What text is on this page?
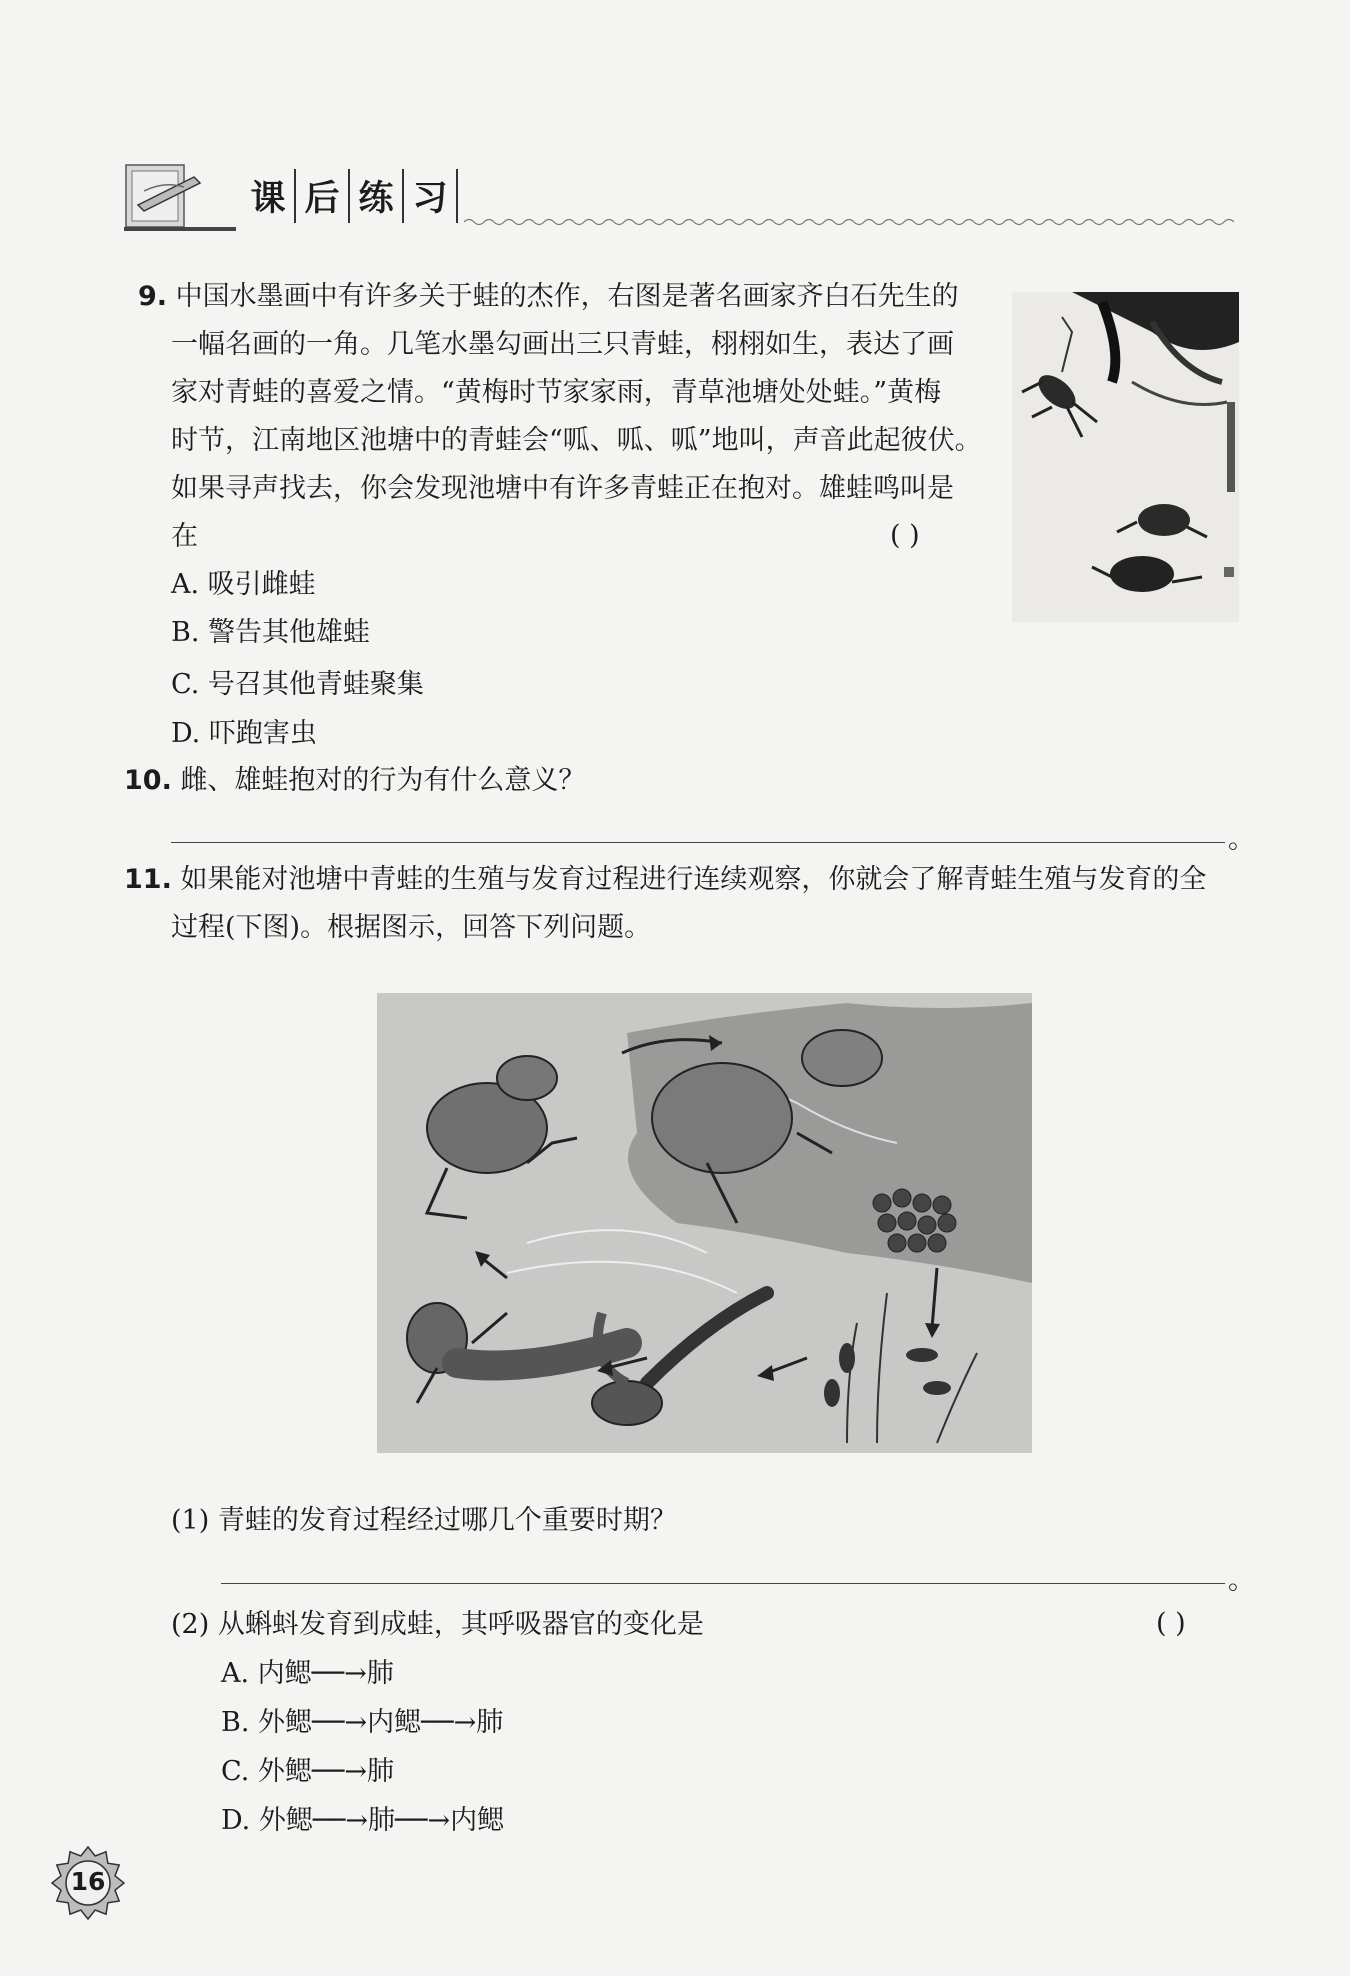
课 后 练 习
9. 中国水墨画中有许多关于蛙的杰作，右图是著名画家齐白石先生的
一幅名画的一角。几笔水墨勾画出三只青蛙，栩栩如生，表达了画
家对青蛙的喜爱之情。“黄梅时节家家雨，青草池塘处处蛙。”黄梅
时节，江南地区池塘中的青蛙会“呱、呱、呱”地叫，声音此起彼伏。
如果寻声找去，你会发现池塘中有许多青蛙正在抱对。雄蛙鸣叫是
在	( )
A. 吸引雌蛙
B. 警告其他雄蛙
C. 号召其他青蛙聚集
D. 吓跑害虫
10. 雌、雄蛙抱对的行为有什么意义？
。
11. 如果能对池塘中青蛙的生殖与发育过程进行连续观察，你就会了解青蛙生殖与发育的全
过程(下图)。根据图示，回答下列问题。
(1) 青蛙的发育过程经过哪几个重要时期？
。
(2) 从蝌蚪发育到成蛙，其呼吸器官的变化是	( )
A. 内鳃──→肺
B. 外鳃──→内鳃──→肺
C. 外鳃──→肺
D. 外鳃──→肺──→内鳃
16
